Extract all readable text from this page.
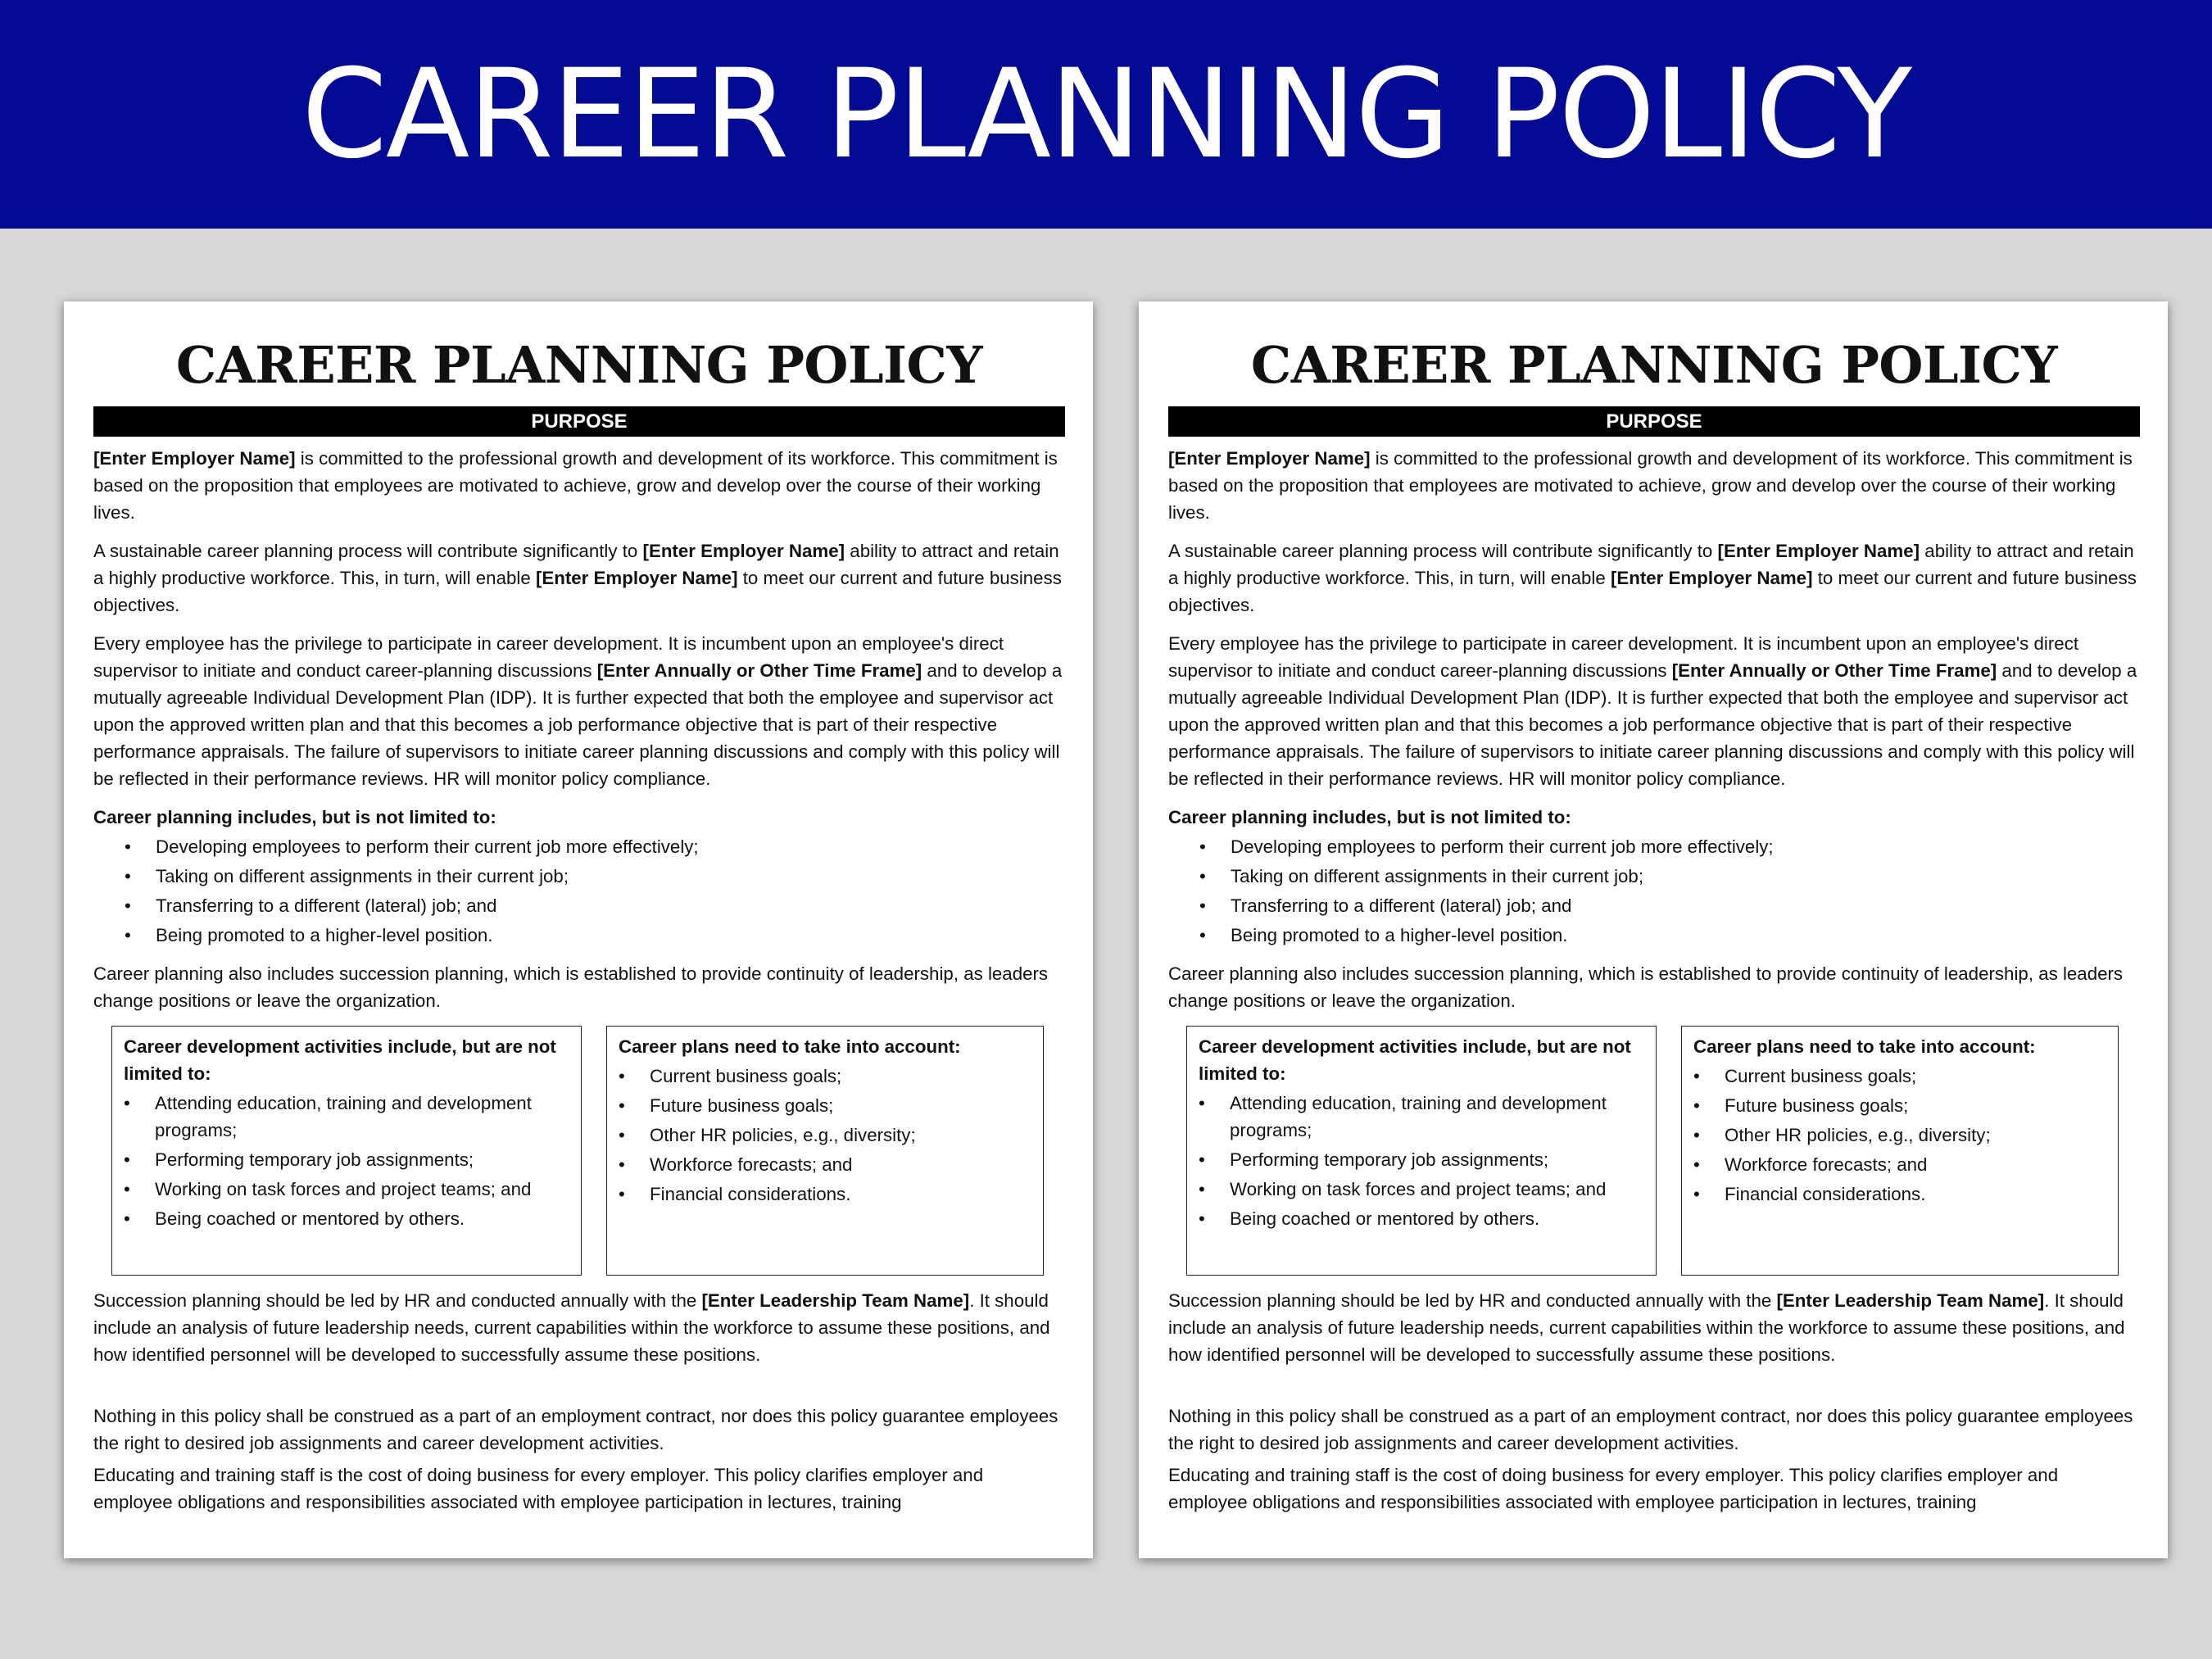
CAREER PLANNING POLICY
CAREER PLANNING POLICY
PURPOSE

[Enter Employer Name] is committed to the professional growth and development of its workforce. This commitment is based on the proposition that employees are motivated to achieve, grow and develop over the course of their working lives.

A sustainable career planning process will contribute significantly to [Enter Employer Name] ability to attract and retain a highly productive workforce. This, in turn, will enable [Enter Employer Name] to meet our current and future business objectives.

Every employee has the privilege to participate in career development. It is incumbent upon an employee's direct supervisor to initiate and conduct career-planning discussions [Enter Annually or Other Time Frame] and to develop a mutually agreeable Individual Development Plan (IDP). It is further expected that both the employee and supervisor act upon the approved written plan and that this becomes a job performance objective that is part of their respective performance appraisals. The failure of supervisors to initiate career planning discussions and comply with this policy will be reflected in their performance reviews. HR will monitor policy compliance.

Career planning includes, but is not limited to:

• Developing employees to perform their current job more effectively;
• Taking on different assignments in their current job;
• Transferring to a different (lateral) job; and
• Being promoted to a higher-level position.

Career planning also includes succession planning, which is established to provide continuity of leadership, as leaders change positions or leave the organization.

Career development activities include, but are not limited to:
• Attending education, training and development programs;
• Performing temporary job assignments;
• Working on task forces and project teams; and
• Being coached or mentored by others.
Career plans need to take into account:
• Current business goals;
• Future business goals;
• Other HR policies, e.g., diversity;
• Workforce forecasts; and
• Financial considerations.

Succession planning should be led by HR and conducted annually with the [Enter Leadership Team Name]. It should include an analysis of future leadership needs, current capabilities within the workforce to assume these positions, and how identified personnel will be developed to successfully assume these positions.

Nothing in this policy shall be construed as a part of an employment contract, nor does this policy guarantee employees the right to desired job assignments and career development activities.

Educating and training staff is the cost of doing business for every employer. This policy clarifies employer and employee obligations and responsibilities associated with employee participation in lectures, training

CAREER PLANNING POLICY
PURPOSE

[Enter Employer Name] is committed to the professional growth and development of its workforce. This commitment is based on the proposition that employees are motivated to achieve, grow and develop over the course of their working lives.

A sustainable career planning process will contribute significantly to [Enter Employer Name] ability to attract and retain a highly productive workforce. This, in turn, will enable [Enter Employer Name] to meet our current and future business objectives.

Every employee has the privilege to participate in career development. It is incumbent upon an employee's direct supervisor to initiate and conduct career-planning discussions [Enter Annually or Other Time Frame] and to develop a mutually agreeable Individual Development Plan (IDP). It is further expected that both the employee and supervisor act upon the approved written plan and that this becomes a job performance objective that is part of their respective performance appraisals. The failure of supervisors to initiate career planning discussions and comply with this policy will be reflected in their performance reviews. HR will monitor policy compliance.

Career planning includes, but is not limited to:

• Developing employees to perform their current job more effectively;
• Taking on different assignments in their current job;
• Transferring to a different (lateral) job; and
• Being promoted to a higher-level position.

Career planning also includes succession planning, which is established to provide continuity of leadership, as leaders change positions or leave the organization.

Career development activities include, but are not limited to:
• Attending education, training and development programs;
• Performing temporary job assignments;
• Working on task forces and project teams; and
• Being coached or mentored by others.
Career plans need to take into account:
• Current business goals;
• Future business goals;
• Other HR policies, e.g., diversity;
• Workforce forecasts; and
• Financial considerations.

Succession planning should be led by HR and conducted annually with the [Enter Leadership Team Name]. It should include an analysis of future leadership needs, current capabilities within the workforce to assume these positions, and how identified personnel will be developed to successfully assume these positions.

Nothing in this policy shall be construed as a part of an employment contract, nor does this policy guarantee employees the right to desired job assignments and career development activities.

Educating and training staff is the cost of doing business for every employer. This policy clarifies employer and employee obligations and responsibilities associated with employee participation in lectures, training
